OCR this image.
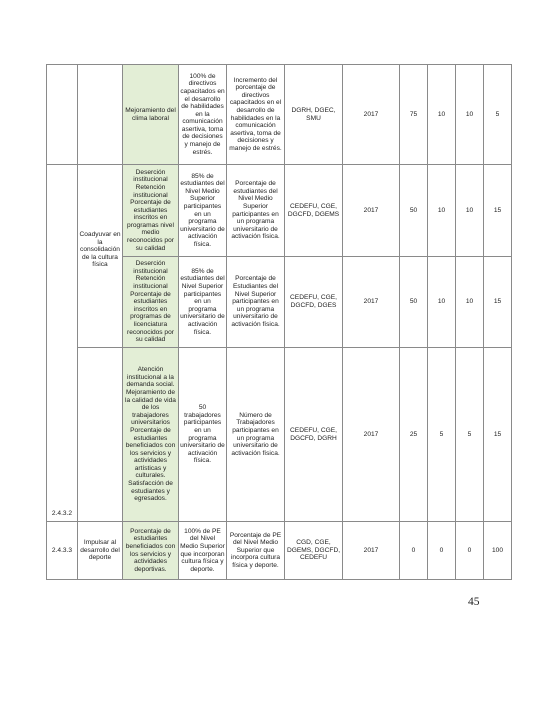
		Mejoramiento del clima laboral	100% de directivos capacitados en el desarrollo de habilidades en la comunicación asertiva, toma de decisiones y manejo de estrés.	Incremento del porcentaje de directivos capacitados en el desarrollo de habilidades en la comunicación asertiva, toma de decisiones y manejo de estrés.	DGRH, DGEC, SMU	2017	75	10	10	5
2.4.3.2	Coadyuvar en la consolidación de la cultura física	Deserción institucional Retención institucional Porcentaje de estudiantes inscritos en programas nivel medio reconocidos por su calidad	85% de estudiantes del Nivel Medio Superior participantes en un programa universitario de activación física.	Porcentaje de estudiantes del Nivel Medio Superior participantes en un programa universitario de activación física.	CEDEFU, CGE, DGCFD, DGEMS	2017	50	10	10	15

		Deserción institucional Retención institucional Porcentaje de estudiantes inscritos en programas de licenciatura reconocidos por su calidad	85% de estudiantes del Nivel Superior participantes en un programa universitario de activación física.	Porcentaje de Estudiantes del Nivel Superior participantes en un programa universitario de activación física.	CEDEFU, CGE, DGCFD, DGES	2017	50	10	10	15

		Atención institucional a la demanda social. Mejoramiento de la calidad de vida de los trabajadores universitarios Porcentaje de estudiantes beneficiados con los servicios y actividades artísticas y culturales. Satisfacción de estudiantes y egresados.	50 trabajadores participantes en un programa universitario de activación física.	Número de Trabajadores participantes en un programa universitario de activación física.	CEDEFU, CGE, DGCFD, DGRH	2017	25	5	5	15
2.4.3.3	Impulsar al desarrollo del deporte	Porcentaje de estudiantes beneficiados con los servicios y actividades deportivas.	100% de PE del Nivel Medio Superior que incorporan cultura física y deporte.	Porcentaje de PE del Nivel Medio Superior que incorpora cultura física y deporte.	CGD, CGE, DGEMS, DGCFD, CEDEFU	2017	0	0	0	100
45
